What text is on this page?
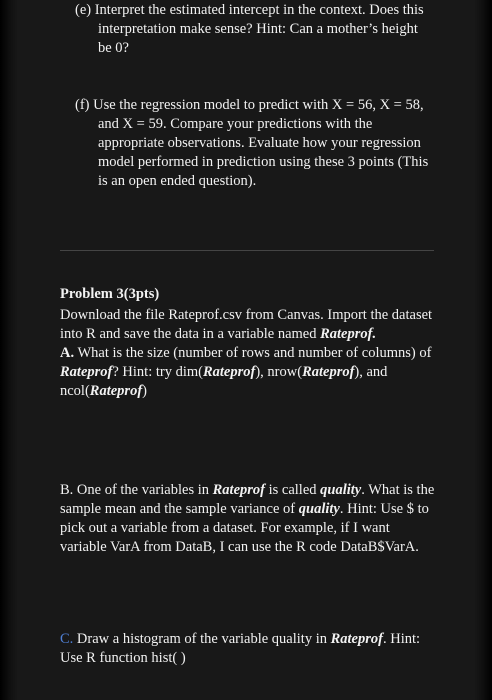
(e) Interpret the estimated intercept in the context. Does this interpretation make sense? Hint: Can a mother’s height be 0?
(f) Use the regression model to predict with X = 56, X = 58, and X = 59. Compare your predictions with the appropriate observations. Evaluate how your regression model performed in prediction using these 3 points (This is an open ended question).

Problem 3(3pts)

Download the file Rateprof.csv from Canvas. Import the dataset into R and save the data in a variable named Rateprof.

A. What is the size (number of rows and number of columns) of Rateprof? Hint: try dim(Rateprof), nrow(Rateprof), and ncol(Rateprof)

B. One of the variables in Rateprof is called quality. What is the sample mean and the sample variance of quality. Hint: Use $ to pick out a variable from a dataset. For example, if I want variable VarA from DataB, I can use the R code DataB$VarA.

C. Draw a histogram of the variable quality in Rateprof. Hint: Use R function hist( )
